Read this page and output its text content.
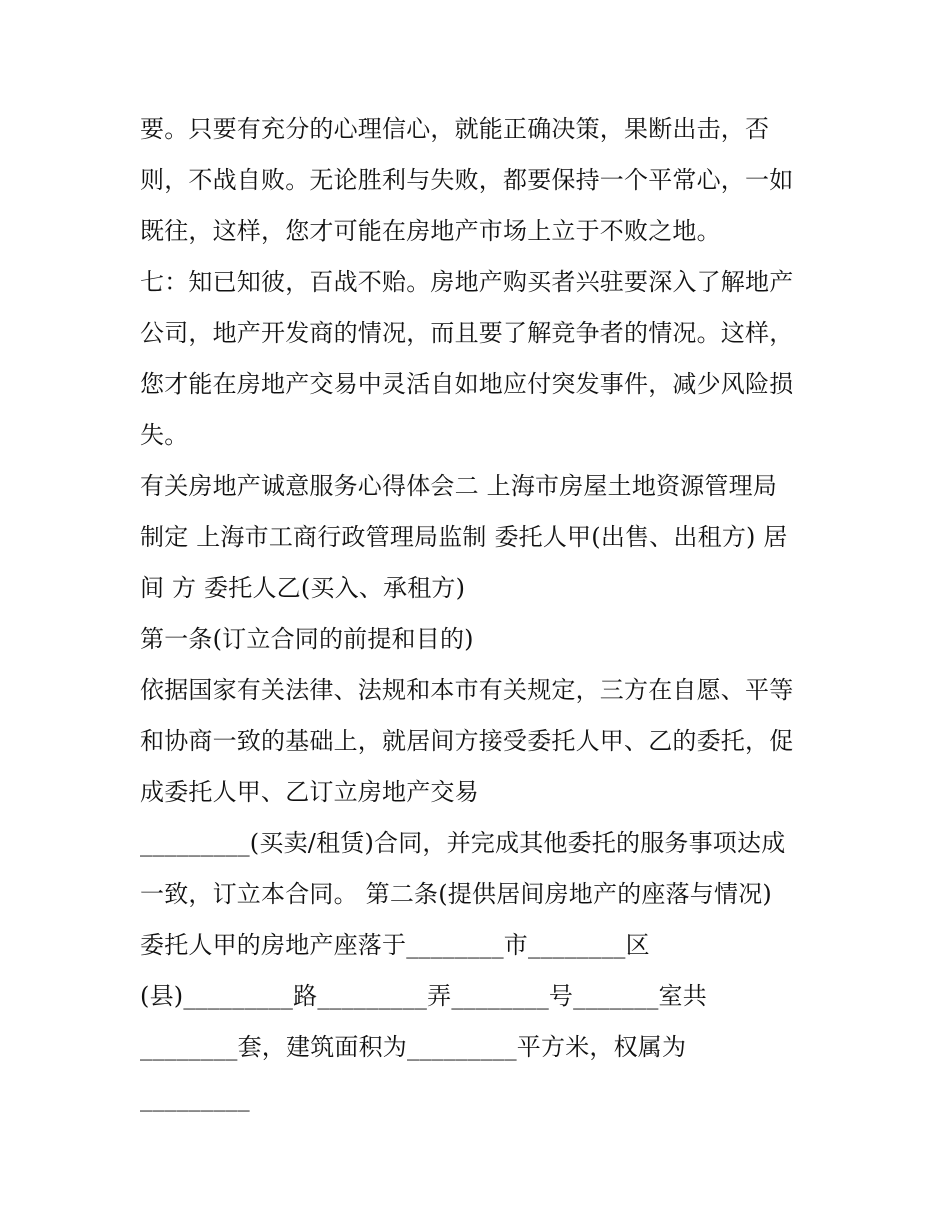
要。只要有充分的心理信心，就能正确决策，果断出击，否
则，不战自败。无论胜利与失败，都要保持一个平常心，一如
既往，这样，您才可能在房地产市场上立于不败之地。
七：知已知彼，百战不贻。房地产购买者兴驻要深入了解地产
公司，地产开发商的情况，而且要了解竞争者的情况。这样，
您才能在房地产交易中灵活自如地应付突发事件，减少风险损
失。
有关房地产诚意服务心得体会二 上海市房屋土地资源管理局
制定 上海市工商行政管理局监制 委托人甲(出售、出租方) 居
间 方 委托人乙(买入、承租方)
第一条(订立合同的前提和目的)
依据国家有关法律、法规和本市有关规定，三方在自愿、平等
和协商一致的基础上，就居间方接受委托人甲、乙的委托，促
成委托人甲、乙订立房地产交易
_________(买卖/租赁)合同，并完成其他委托的服务事项达成
一致，订立本合同。 第二条(提供居间房地产的座落与情况)
委托人甲的房地产座落于________市________区
(县)_________路_________弄________号_______室共
________套，建筑面积为_________平方米，权属为
_________
